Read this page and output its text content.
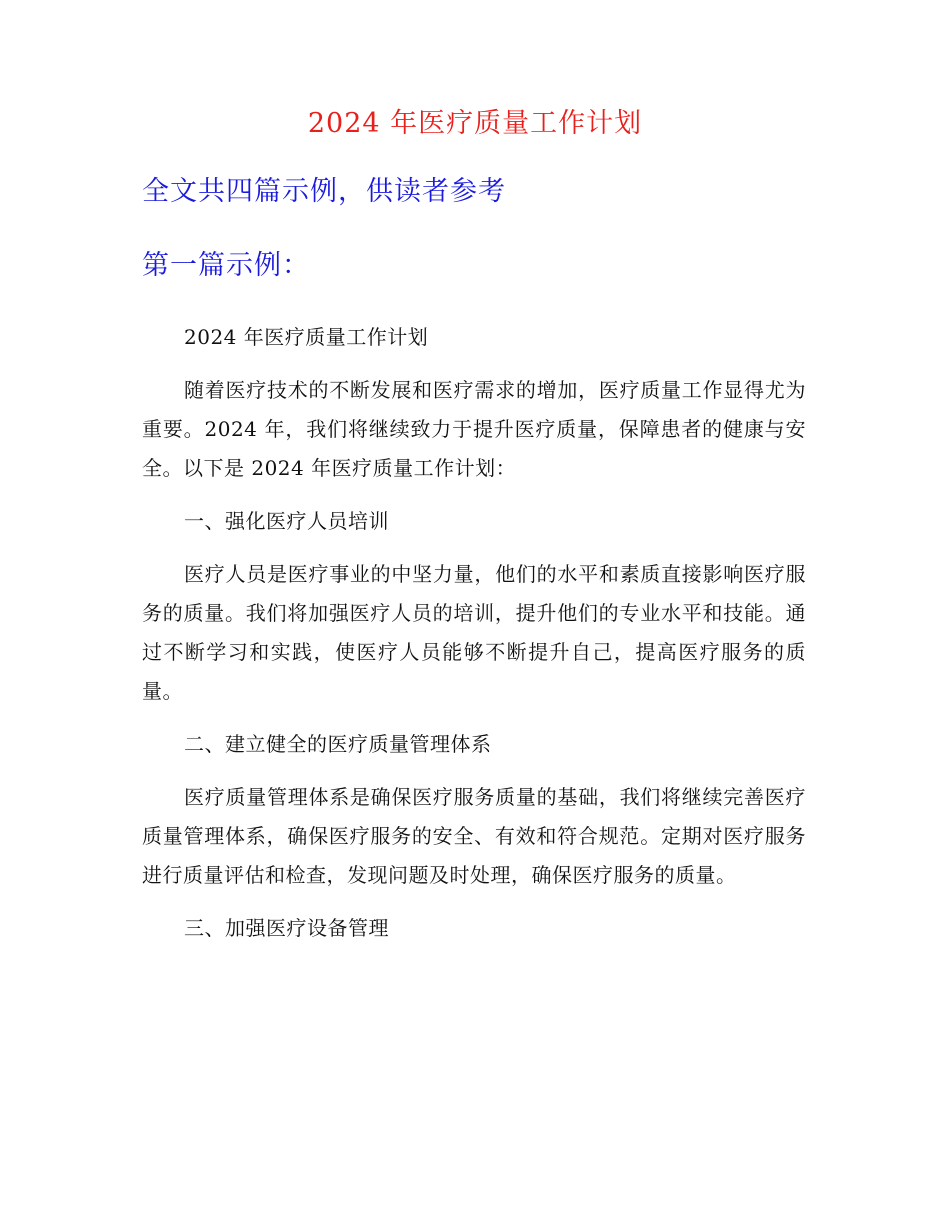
2024 年医疗质量工作计划
全文共四篇示例，供读者参考
第一篇示例：

2024 年医疗质量工作计划

随着医疗技术的不断发展和医疗需求的增加，医疗质量工作显得尤为重要。2024 年，我们将继续致力于提升医疗质量，保障患者的健康与安全。以下是 2024 年医疗质量工作计划：

一、强化医疗人员培训

医疗人员是医疗事业的中坚力量，他们的水平和素质直接影响医疗服务的质量。我们将加强医疗人员的培训，提升他们的专业水平和技能。通过不断学习和实践，使医疗人员能够不断提升自己，提高医疗服务的质量。

二、建立健全的医疗质量管理体系

医疗质量管理体系是确保医疗服务质量的基础，我们将继续完善医疗质量管理体系，确保医疗服务的安全、有效和符合规范。定期对医疗服务进行质量评估和检查，发现问题及时处理，确保医疗服务的质量。

三、加强医疗设备管理
